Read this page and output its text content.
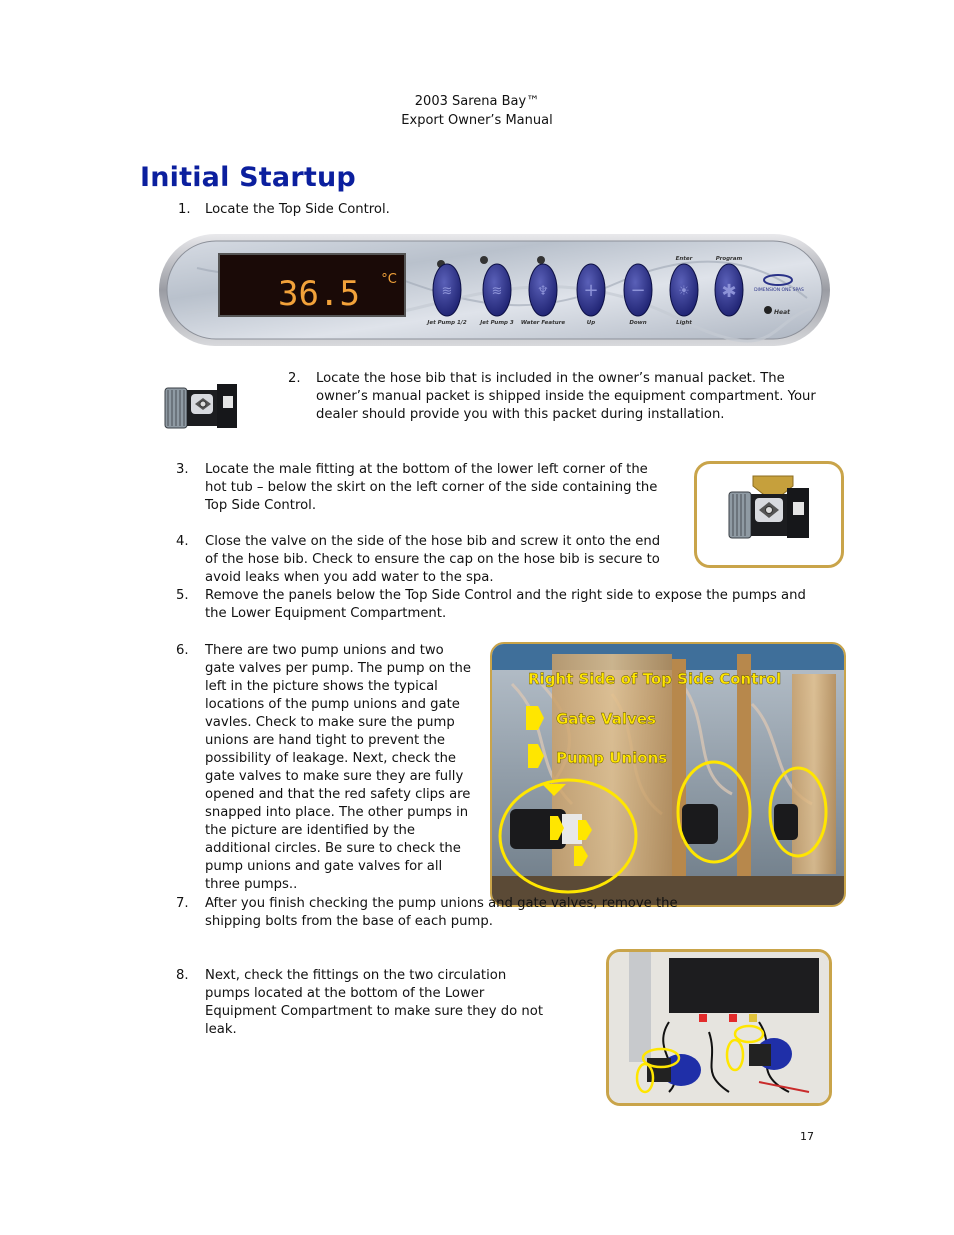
2003 Sarena Bay™
Export Owner’s Manual
Initial Startup
1. Locate the Top Side Control.
36.5 °C
≋
Jet Pump 1/2
≋
Jet Pump 3
♆
Water Feature
+
Up
−
Down
☀
Light
✱
Enter	Program
Heat
DIMENSION ONE SPAS
2. Locate the hose bib that is included in the owner’s manual packet. The owner’s manual packet is shipped inside the equipment compartment. Your dealer should provide you with this packet during installation.
3. Locate the male fitting at the bottom of the lower left corner of the hot tub – below the skirt on the left corner of the side containing the Top Side Control.
4. Close the valve on the side of the hose bib and screw it onto the end of the hose bib. Check to ensure the cap on the hose bib is secure to avoid leaks when you add water to the spa.
5. Remove the panels below the Top Side Control and the right side to expose the pumps and the Lower Equipment Compartment.
6. There are two pump unions and two gate valves per pump. The pump on the left in the picture shows the typical locations of the pump unions and gate vavles. Check to make sure the pump unions are hand tight to prevent the possibility of leakage. Next, check the gate valves to make sure they are fully opened and that the red safety clips are snapped into place. The other pumps in the picture are identified by the additional circles. Be sure to check the pump unions and gate valves for all three pumps..
Right Side of Top Side Control
Gate Valves
Pump Unions
7. After you finish checking the pump unions and gate valves, remove the shipping bolts from the base of each pump.
8. Next, check the fittings on the two circulation pumps located at the bottom of the Lower Equipment Compartment to make sure they do not leak.
17
